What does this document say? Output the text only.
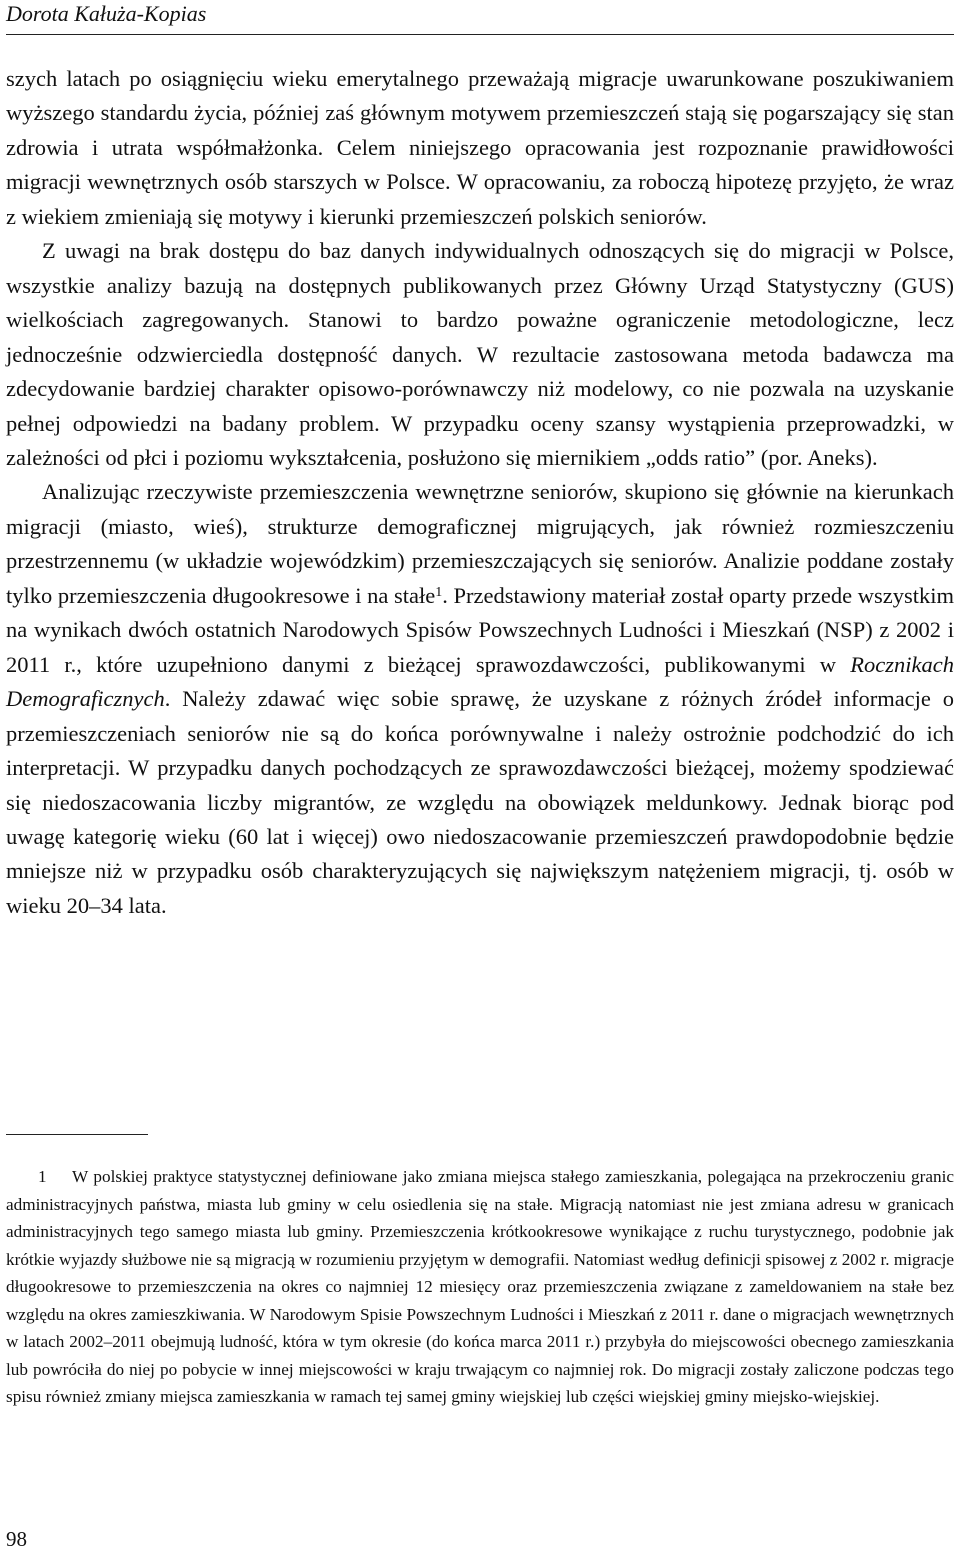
Dorota Kałuża-Kopias

szych latach po osiągnięciu wieku emerytalnego przeważają migracje uwarunkowane poszukiwaniem wyższego standardu życia, później zaś głównym motywem przemieszczeń stają się pogarszający się stan zdrowia i utrata współmałżonka. Celem niniejszego opracowania jest rozpoznanie prawidłowości migracji wewnętrznych osób starszych w Polsce. W opracowaniu, za roboczą hipotezę przyjęto, że wraz z wiekiem zmieniają się motywy i kierunki przemieszczeń polskich seniorów.

Z uwagi na brak dostępu do baz danych indywidualnych odnoszących się do migracji w Polsce, wszystkie analizy bazują na dostępnych publikowanych przez Główny Urząd Statystyczny (GUS) wielkościach zagregowanych. Stanowi to bardzo poważne ograniczenie metodologiczne, lecz jednocześnie odzwierciedla dostępność danych. W rezultacie zastosowana metoda badawcza ma zdecydowanie bardziej charakter opisowo-porównawczy niż modelowy, co nie pozwala na uzyskanie pełnej odpowiedzi na badany problem. W przypadku oceny szansy wystąpienia przeprowadzki, w zależności od płci i poziomu wykształcenia, posłużono się miernikiem „odds ratio” (por. Aneks).

Analizując rzeczywiste przemieszczenia wewnętrzne seniorów, skupiono się głównie na kierunkach migracji (miasto, wieś), strukturze demograficznej migrujących, jak również rozmieszczeniu przestrzennemu (w układzie wojewódzkim) przemieszczających się seniorów. Analizie poddane zostały tylko przemieszczenia długookresowe i na stałe$^1$. Przedstawiony materiał został oparty przede wszystkim na wynikach dwóch ostatnich Narodowych Spisów Powszechnych Ludności i Mieszkań (NSP) z 2002 i 2011 r., które uzupełniono danymi z bieżącej sprawozdawczości, publikowanymi w Rocznikach Demograficznych. Należy zdawać więc sobie sprawę, że uzyskane z różnych źródeł informacje o przemieszczeniach seniorów nie są do końca porównywalne i należy ostrożnie podchodzić do ich interpretacji. W przypadku danych pochodzących ze sprawozdawczości bieżącej, możemy spodziewać się niedoszacowania liczby migrantów, ze względu na obowiązek meldunkowy. Jednak biorąc pod uwagę kategorię wieku (60 lat i więcej) owo niedoszacowanie przemieszczeń prawdopodobnie będzie mniejsze niż w przypadku osób charakteryzujących się największym natężeniem migracji, tj. osób w wieku 20–34 lata.

1 W polskiej praktyce statystycznej definiowane jako zmiana miejsca stałego zamieszkania, polegająca na przekroczeniu granic administracyjnych państwa, miasta lub gminy w celu osiedlenia się na stałe. Migracją natomiast nie jest zmiana adresu w granicach administracyjnych tego samego miasta lub gminy. Przemieszczenia krótkookresowe wynikające z ruchu turystycznego, podobnie jak krótkie wyjazdy służbowe nie są migracją w rozumieniu przyjętym w demografii. Natomiast według definicji spisowej z 2002 r. migracje długookresowe to przemieszczenia na okres co najmniej 12 miesięcy oraz przemieszczenia związane z zameldowaniem na stałe bez względu na okres zamieszkiwania. W Narodowym Spisie Powszechnym Ludności i Mieszkań z 2011 r. dane o migracjach wewnętrznych w latach 2002–2011 obejmują ludność, która w tym okresie (do końca marca 2011 r.) przybyła do miejscowości obecnego zamieszkania lub powróciła do niej po pobycie w innej miejscowości w kraju trwającym co najmniej rok. Do migracji zostały zaliczone podczas tego spisu również zmiany miejsca zamieszkania w ramach tej samej gminy wiejskiej lub części wiejskiej gminy miejsko-wiejskiej.

98
